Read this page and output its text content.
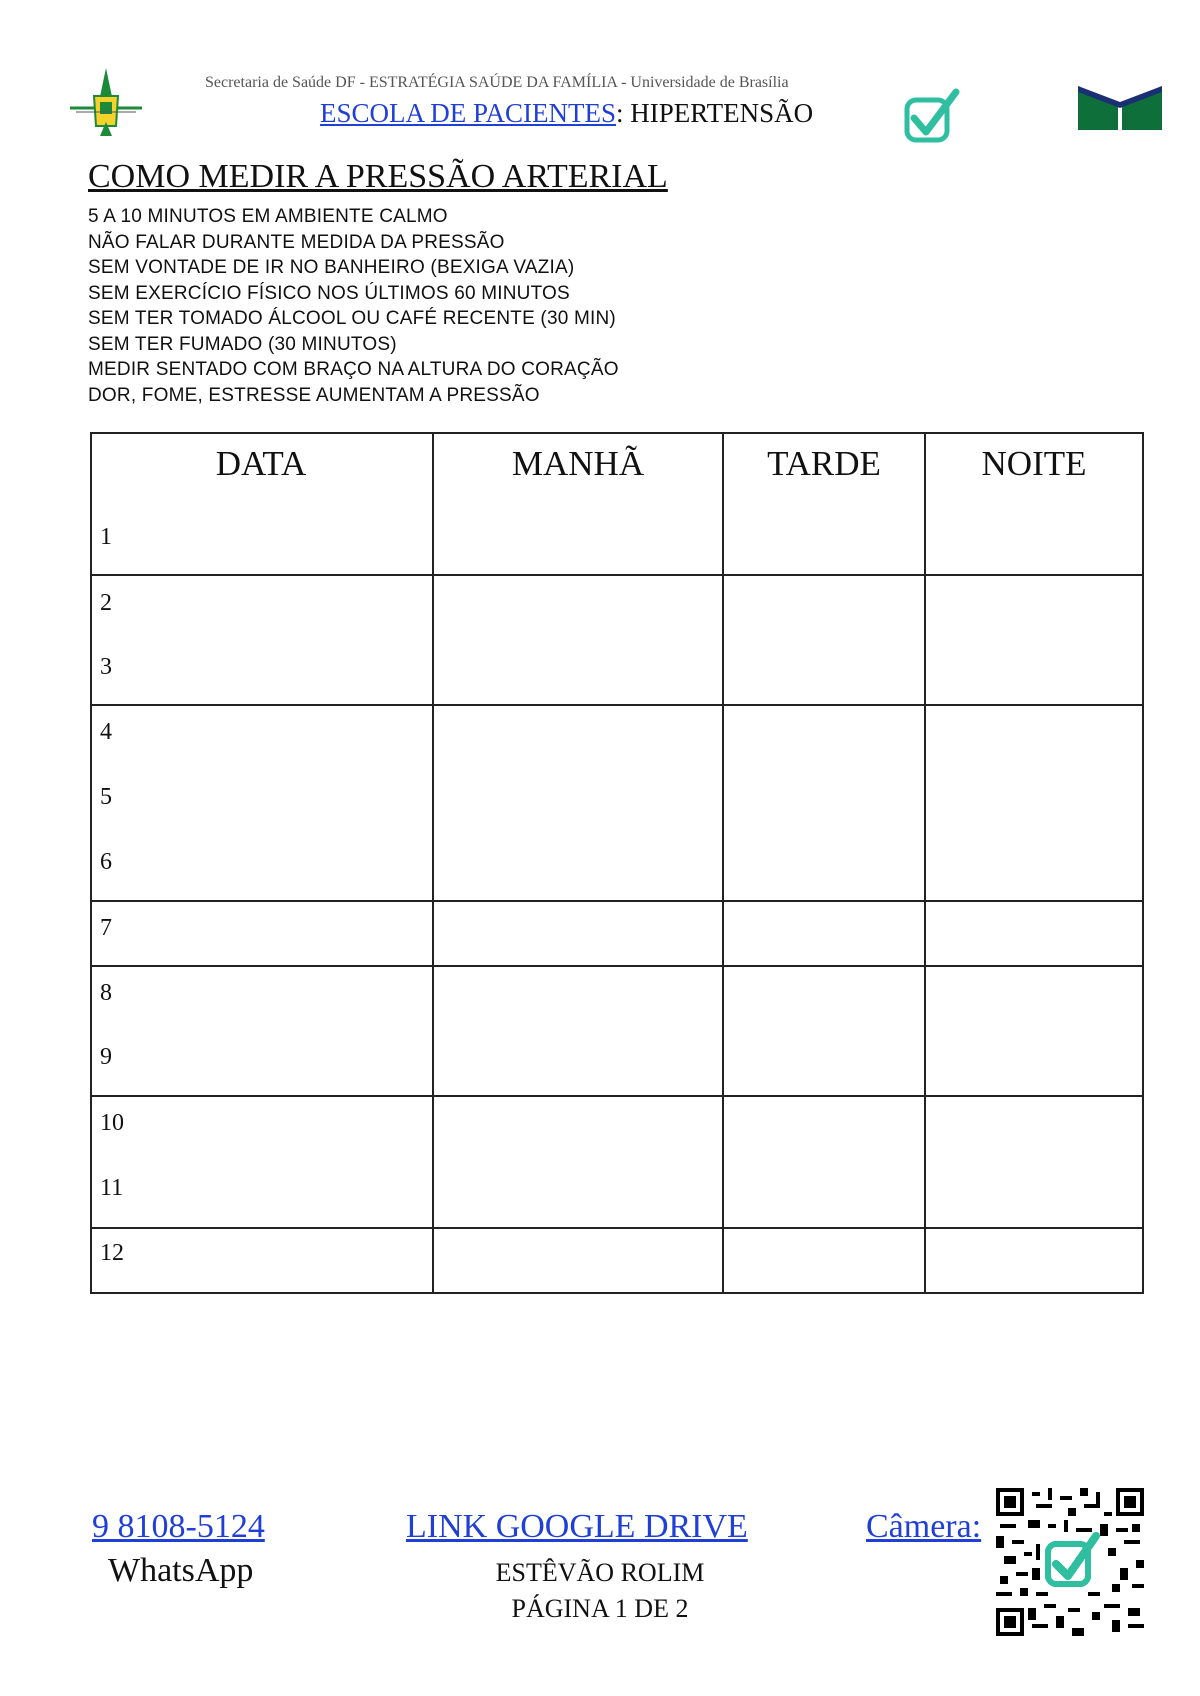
Secretaria de Saúde DF - ESTRATÉGIA SAÚDE DA FAMÍLIA - Universidade de Brasília
ESCOLA DE PACIENTES: HIPERTENSÃO
COMO MEDIR A PRESSÃO ARTERIAL
5 A 10 MINUTOS EM AMBIENTE CALMO
NÃO FALAR DURANTE MEDIDA DA PRESSÃO
SEM VONTADE DE IR NO BANHEIRO (BEXIGA VAZIA)
SEM EXERCÍCIO FÍSICO NOS ÚLTIMOS 60 MINUTOS
SEM TER TOMADO ÁLCOOL OU CAFÉ RECENTE (30 MIN)
SEM TER FUMADO (30 MINUTOS)
MEDIR SENTADO COM BRAÇO NA ALTURA DO CORAÇÃO
DOR, FOME, ESTRESSE AUMENTAM A PRESSÃO
DATA	MANHÃ	TARDE	NOITE
1
2
3
4
5
6
7
8
9
10
11
12
9 8108-5124
WhatsApp
LINK GOOGLE DRIVE
ESTÊVÃO ROLIM
PÁGINA 1 DE 2
Câmera:
